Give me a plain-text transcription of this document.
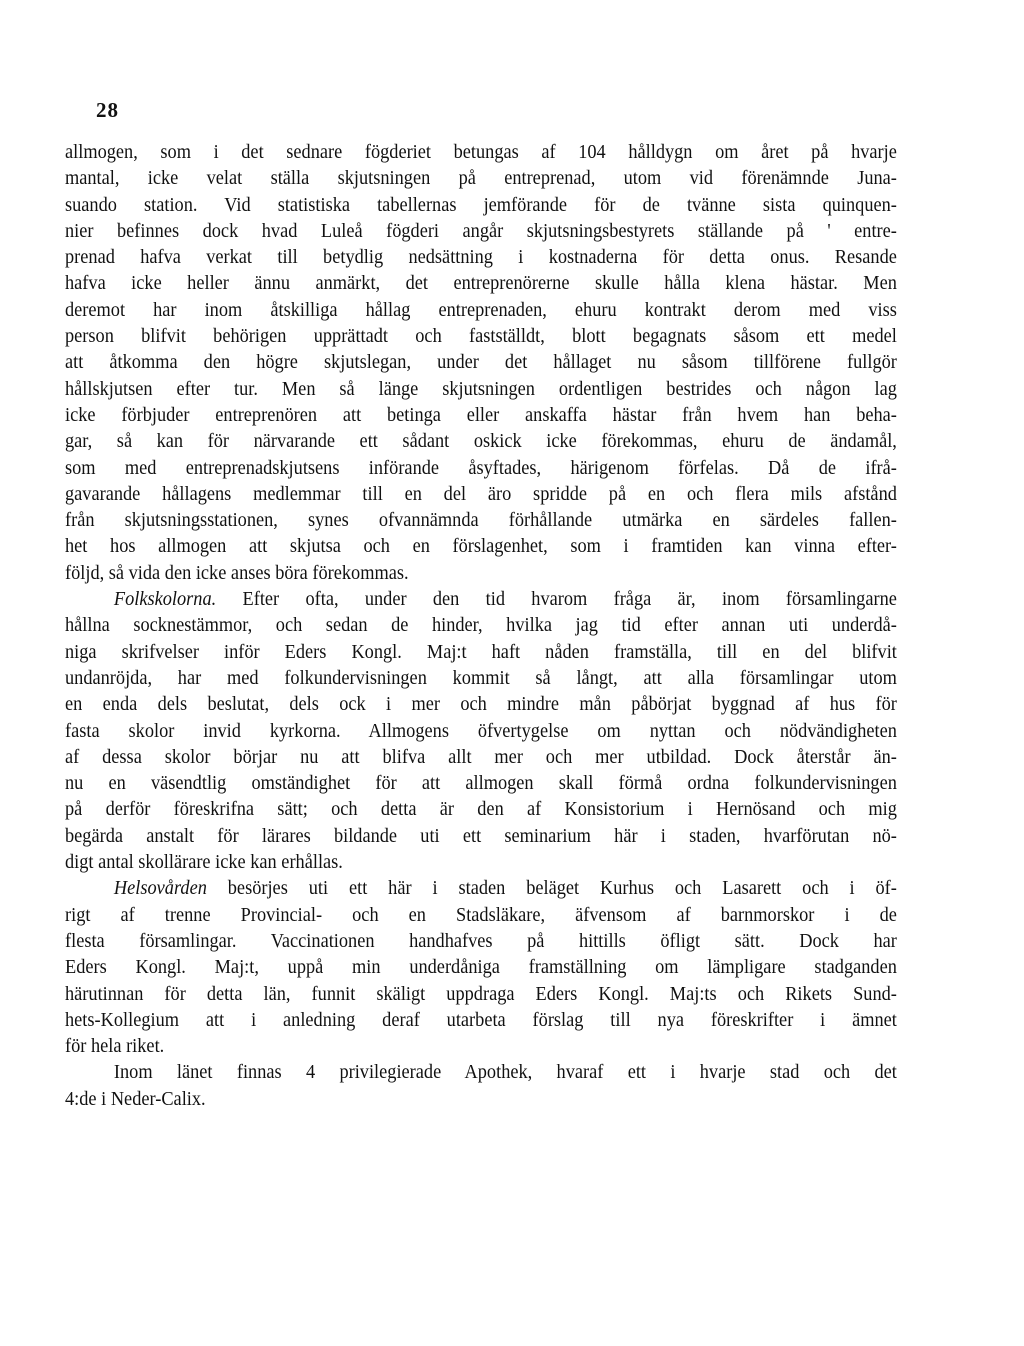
28
allmogen, som i det sednare fögderiet betungas af 104 hålldygn om året på hvarje
mantal, icke velat ställa skjutsningen på entreprenad, utom vid förenämnde Juna-
suando station. Vid statistiska tabellernas jemförande för de tvänne sista quinquen-
nier befinnes dock hvad Luleå fögderi angår skjutsningsbestyrets ställande på ' entre-
prenad hafva verkat till betydlig nedsättning i kostnaderna för detta onus. Resande
hafva icke heller ännu anmärkt, det entreprenörerne skulle hålla klena hästar. Men
deremot har inom åtskilliga hållag entreprenaden, ehuru kontrakt derom med viss
person blifvit behörigen upprättadt och fastställdt, blott begagnats såsom ett medel
att åtkomma den högre skjutslegan, under det hållaget nu såsom tillförene fullgör
hållskjutsen efter tur. Men så länge skjutsningen ordentligen bestrides och någon lag
icke förbjuder entreprenören att betinga eller anskaffa hästar från hvem han beha-
gar, så kan för närvarande ett sådant oskick icke förekommas, ehuru de ändamål,
som med entreprenadskjutsens införande åsyftades, härigenom förfelas. Då de ifrå-
gavarande hållagens medlemmar till en del äro spridde på en och flera mils afstånd
från skjutsningsstationen, synes ofvannämnda förhållande utmärka en särdeles fallen-
het hos allmogen att skjutsa och en förslagenhet, som i framtiden kan vinna efter-
följd, så vida den icke anses böra förekommas.
Folkskolorna. Efter ofta, under den tid hvarom fråga är, inom församlingarne
hållna socknestämmor, och sedan de hinder, hvilka jag tid efter annan uti underdå-
niga skrifvelser inför Eders Kongl. Maj:t haft nåden framställa, till en del blifvit
undanröjda, har med folkundervisningen kommit så långt, att alla församlingar utom
en enda dels beslutat, dels ock i mer och mindre mån påbörjat byggnad af hus för
fasta skolor invid kyrkorna. Allmogens öfvertygelse om nyttan och nödvändigheten
af dessa skolor börjar nu att blifva allt mer och mer utbildad. Dock återstår än-
nu en väsendtlig omständighet för att allmogen skall förmå ordna folkundervisningen
på derför föreskrifna sätt; och detta är den af Konsistorium i Hernösand och mig
begärda anstalt för lärares bildande uti ett seminarium här i staden, hvarförutan nö-
digt antal skollärare icke kan erhållas.
Helsovården besörjes uti ett här i staden beläget Kurhus och Lasarett och i öf-
rigt af trenne Provincial- och en Stadsläkare, äfvensom af barnmorskor i de
flesta församlingar. Vaccinationen handhafves på hittills öfligt sätt. Dock har
Eders Kongl. Maj:t, uppå min underdåniga framställning om lämpligare stadganden
härutinnan för detta län, funnit skäligt uppdraga Eders Kongl. Maj:ts och Rikets Sund-
hets-Kollegium att i anledning deraf utarbeta förslag till nya föreskrifter i ämnet
för hela riket.
Inom länet finnas 4 privilegierade Apothek, hvaraf ett i hvarje stad och det
4:de i Neder-Calix.
